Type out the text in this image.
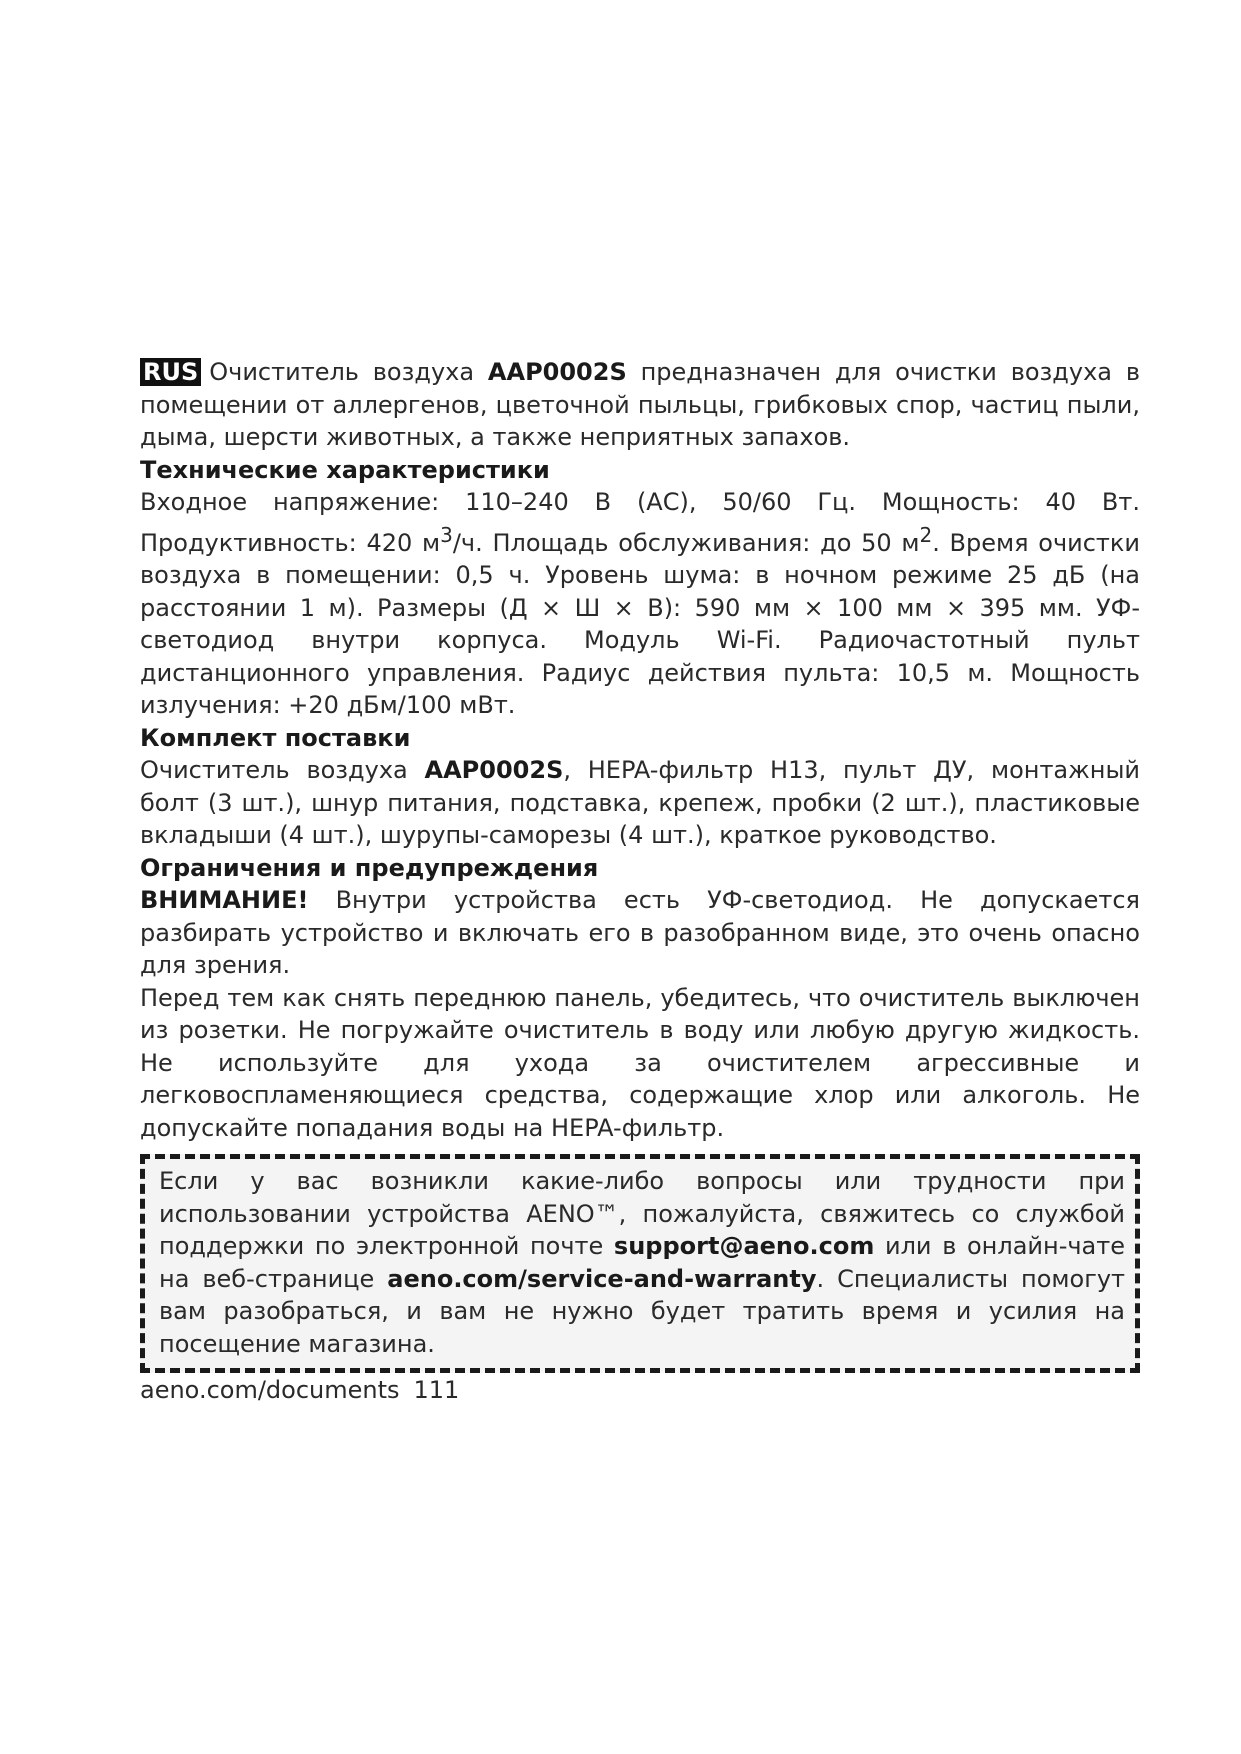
RUS Очиститель воздуха AAP0002S предназначен для очистки воздуха в помещении от аллергенов, цветочной пыльцы, грибковых спор, частиц пыли, дыма, шерсти животных, а также неприятных запахов.

Технические характеристики

Входное напряжение: 110–240 В (АС), 50/60 Гц. Мощность: 40 Вт. Продуктивность: 420 $м^3/ч$. Площадь обслуживания: до 50 $м^2$. Время очистки воздуха в помещении: 0,5 ч. Уровень шума: в ночном режиме 25 дБ (на расстоянии 1 м). Размеры (Д × Ш × В): 590 мм × 100 мм × 395 мм. УФ-светодиод внутри корпуса. Модуль Wi-Fi. Радиочастотный пульт дистанционного управления. Радиус действия пульта: 10,5 м. Мощность излучения: +20 дБм/100 мВт.

Комплект поставки

Очиститель воздуха AAP0002S, HEPA-фильтр H13, пульт ДУ, монтажный болт (3 шт.), шнур питания, подставка, крепеж, пробки (2 шт.), пластиковые вкладыши (4 шт.), шурупы-саморезы (4 шт.), краткое руководство.

Ограничения и предупреждения

ВНИМАНИЕ! Внутри устройства есть УФ-светодиод. Не допускается разбирать устройство и включать его в разобранном виде, это очень опасно для зрения.

Перед тем как снять переднюю панель, убедитесь, что очиститель выключен из розетки. Не погружайте очиститель в воду или любую другую жидкость. Не используйте для ухода за очистителем агрессивные и легковоспламеняющиеся средства, содержащие хлор или алкоголь. Не допускайте попадания воды на HEPA-фильтр.

Если у вас возникли какие-либо вопросы или трудности при использовании устройства AENO™, пожалуйста, свяжитесь со службой поддержки по электронной почте support@aeno.com или в онлайн-чате на веб-странице aeno.com/service-and-warranty. Специалисты помогут вам разобраться, и вам не нужно будет тратить время и усилия на посещение магазина.

aeno.com/documents 111
